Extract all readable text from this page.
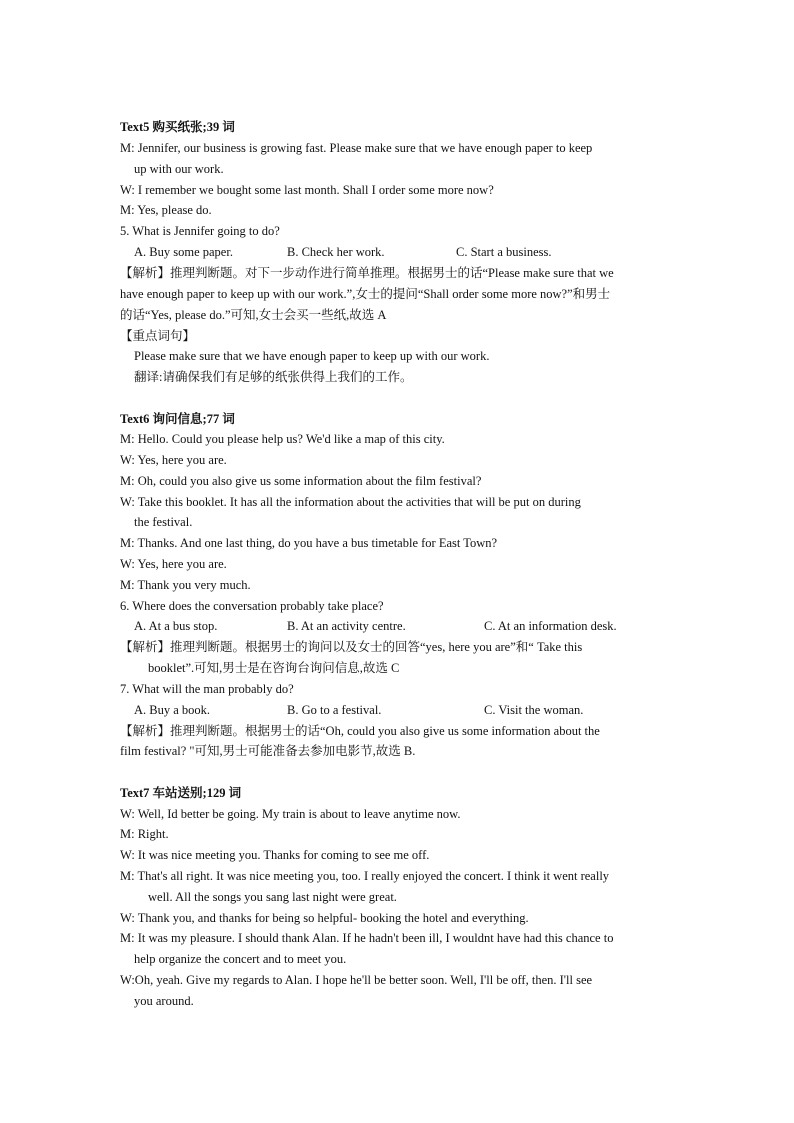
Text5 购买纸张;39 词
M: Jennifer, our business is growing fast. Please make sure that we have enough paper to keep
up with our work.
W: I remember we bought some last month. Shall I order some more now?
M: Yes, please do.
5. What is Jennifer going to do?
A. Buy some paper.	B. Check her work.	C. Start a business.
【解析】推理判断题。对下一步动作进行简单推理。根据男士的话“Please make sure that we
have enough paper to keep up with our work.”,女士的提问“Shall order some more now?”和男士
的话“Yes, please do.”可知,女士会买一些纸,故选 A
【重点词句】
Please make sure that we have enough paper to keep up with our work.
翻译:请确保我们有足够的纸张供得上我们的工作。
Text6 询问信息;77 词
M: Hello. Could you please help us? We'd like a map of this city.
W: Yes, here you are.
M: Oh, could you also give us some information about the film festival?
W: Take this booklet. It has all the information about the activities that will be put on during
the festival.
M: Thanks. And one last thing, do you have a bus timetable for East Town?
W: Yes, here you are.
M: Thank you very much.
6. Where does the conversation probably take place?
A. At a bus stop.	B. At an activity centre.	C. At an information desk.
【解析】推理判断题。根据男士的询问以及女士的回答“yes, here you are”和“ Take this
booklet”.可知,男士是在咨询台询问信息,故选 C
7. What will the man probably do?
A. Buy a book.	B. Go to a festival.	C. Visit the woman.
【解析】推理判断题。根据男士的话“Oh, could you also give us some information about the
film festival? "可知,男士可能准备去参加电影节,故选 B.
Text7 车站送别;129 词
W: Well, Id better be going. My train is about to leave anytime now.
M: Right.
W: It was nice meeting you. Thanks for coming to see me off.
M: That's all right. It was nice meeting you, too. I really enjoyed the concert. I think it went really
well. All the songs you sang last night were great.
W: Thank you, and thanks for being so helpful- booking the hotel and everything.
M: It was my pleasure. I should thank Alan. If he hadn't been ill, I wouldnt have had this chance to
help organize the concert and to meet you.
W:Oh, yeah. Give my regards to Alan. I hope he'll be better soon. Well, I'll be off, then. I'll see
you around.
